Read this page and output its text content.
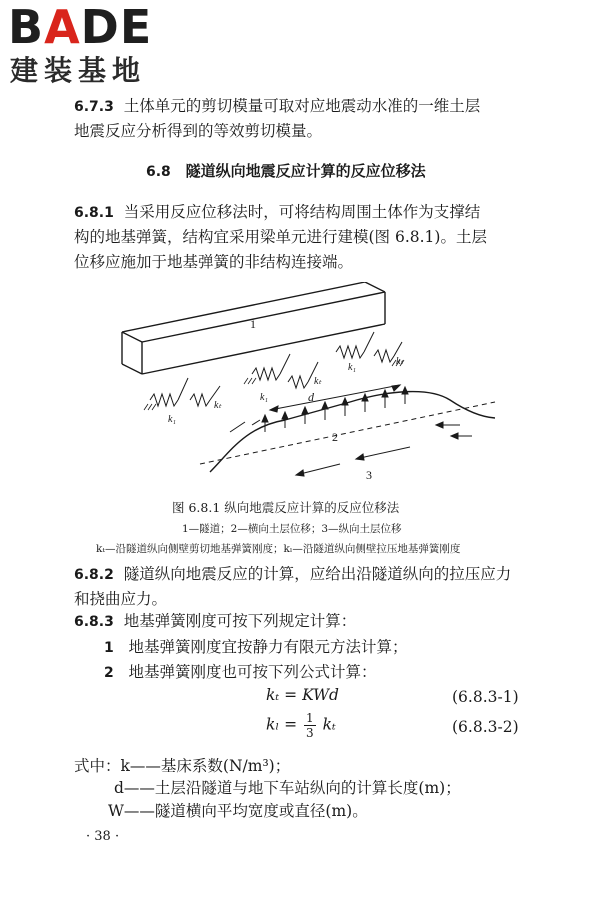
BADE
建装基地
6.7.3 土体单元的剪切模量可取对应地震动水准的一维土层
地震反应分析得到的等效剪切模量。
6.8 隧道纵向地震反应计算的反应位移法
6.8.1 当采用反应位移法时，可将结构周围土体作为支撑结
构的地基弹簧，结构宜采用梁单元进行建模(图 6.8.1)。土层
位移应施加于地基弹簧的非结构连接端。
1
d
2
3
k₁
kₜ
k₁
kₜ
k₁
kₜ
图 6.8.1 纵向地震反应计算的反应位移法
1—隧道；2—横向土层位移；3—纵向土层位移
kₜ—沿隧道纵向侧壁剪切地基弹簧刚度；kₗ—沿隧道纵向侧壁拉压地基弹簧刚度
6.8.2 隧道纵向地震反应的计算，应给出沿隧道纵向的拉压应力
和挠曲应力。
6.8.3 地基弹簧刚度可按下列规定计算：
1 地基弹簧刚度宜按静力有限元方法计算；
2 地基弹簧刚度也可按下列公式计算：
kₜ = KWd	(6.8.3-1)
$k_l = \frac{1}{3}$ kₜ	(6.8.3-2)
式中：k——基床系数(N/m³)；
d——土层沿隧道与地下车站纵向的计算长度(m)；
W——隧道横向平均宽度或直径(m)。
· 38 ·
